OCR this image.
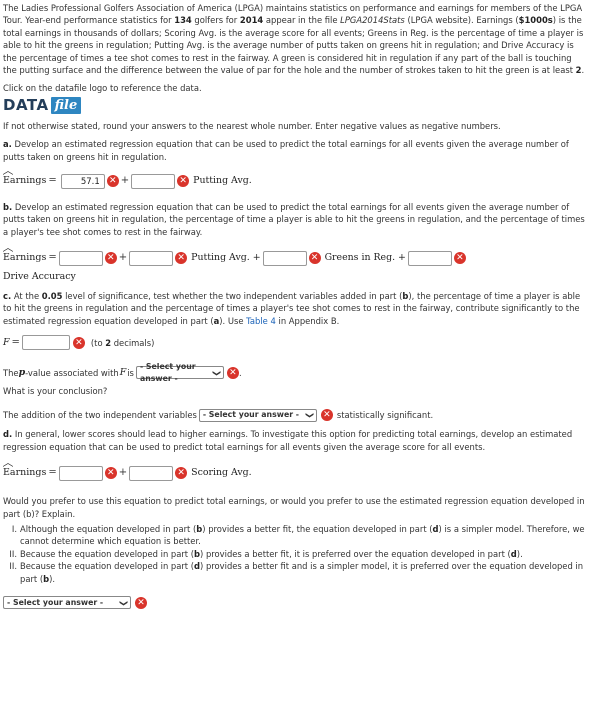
The Ladies Professional Golfers Association of America (LPGA) maintains statistics on performance and earnings for members of the LPGA Tour. Year-end performance statistics for 134 golfers for 2014 appear in the file LPGA2014Stats (LPGA website). Earnings ($1000s) is the total earnings in thousands of dollars; Scoring Avg. is the average score for all events; Greens in Reg. is the percentage of time a player is able to hit the greens in regulation; Putting Avg. is the average number of putts taken on greens hit in regulation; and Drive Accuracy is the percentage of times a tee shot comes to rest in the fairway. A green is considered hit in regulation if any part of the ball is touching the putting surface and the difference between the value of par for the hole and the number of strokes taken to hit the green is at least 2.

Click on the datafile logo to reference the data.

DATA file

If not otherwise stated, round your answers to the nearest whole number. Enter negative values as negative numbers.

a. Develop an estimated regression equation that can be used to predict the total earnings for all events given the average number of putts taken on greens hit in regulation.

Earnings =	57.1	✕ +	✕ Putting Avg.

b. Develop an estimated regression equation that can be used to predict the total earnings for all events given the average number of putts taken on greens hit in regulation, the percentage of time a player is able to hit the greens in regulation, and the percentage of times a player's tee shot comes to rest in the fairway.

Earnings =	✕ +	✕ Putting Avg. +	✕ Greens in Reg. +	✕

Drive Accuracy

c. At the 0.05 level of significance, test whether the two independent variables added in part (b), the percentage of time a player is able to hit the greens in regulation and the percentage of times a player's tee shot comes to rest in the fairway, contribute significantly to the estimated regression equation developed in part (a). Use Table 4 in Appendix B.

F =	✕ (to 2 decimals)
The p -value associated with F is
- Select your answer -
❯ ✕ .

What is your conclusion?

The addition of the two independent variables - Select your answer - ❯ ✕ statistically significant.

d. In general, lower scores should lead to higher earnings. To investigate this option for predicting total earnings, develop an estimated regression equation that can be used to predict total earnings for all events given the average score for all events.

Earnings =	✕ +	✕ Scoring Avg.

Would you prefer to use this equation to predict total earnings, or would you prefer to use the estimated regression equation developed in part (b)? Explain.

I. Although the equation developed in part (b) provides a better fit, the equation developed in part (d) is a simpler model. Therefore, we cannot determine which equation is better.
II. Because the equation developed in part (b) provides a better fit, it is preferred over the equation developed in part (d).
II. Because the equation developed in part (d) provides a better fit and is a simpler model, it is preferred over the equation developed in part (b).
- Select your answer -	❯ ✕
